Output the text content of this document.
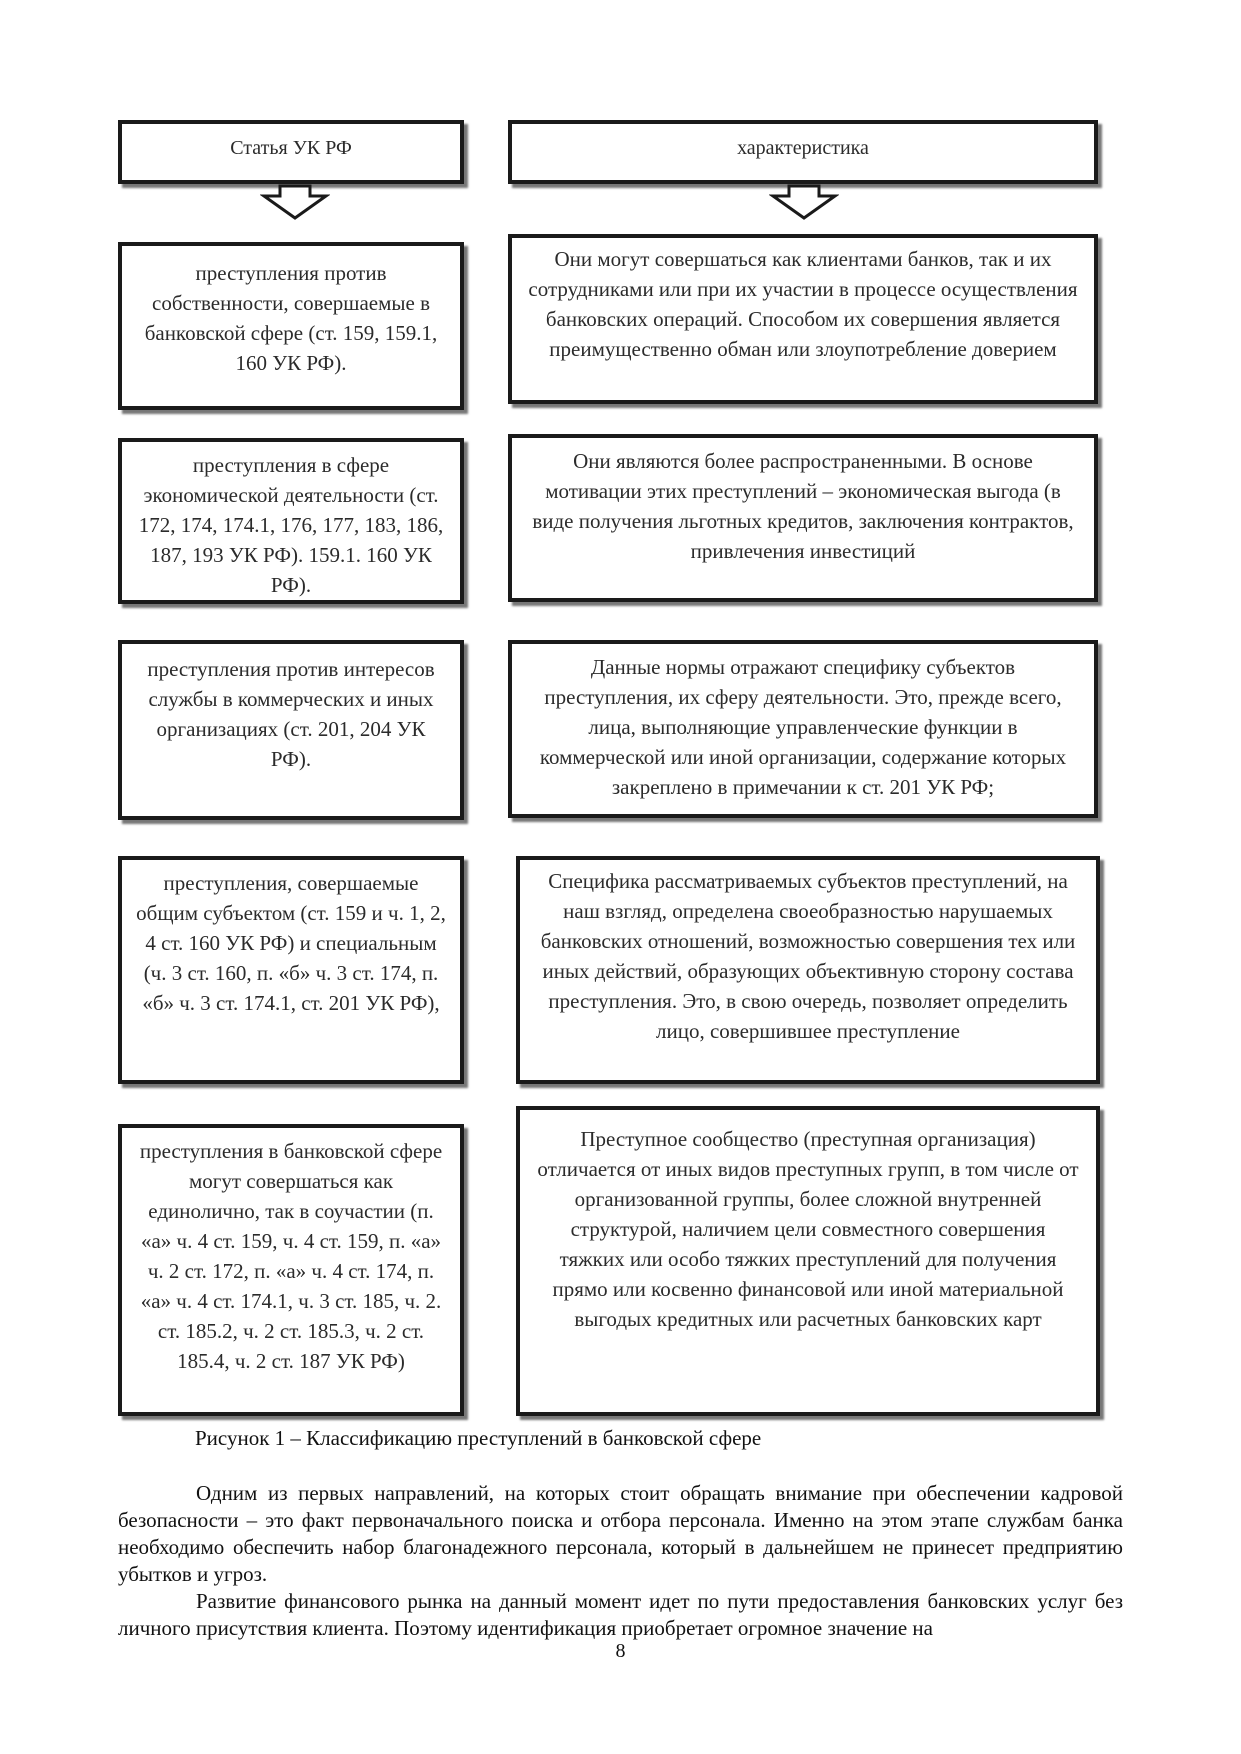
Статья УК РФ	характеристика
преступления против собственности, совершаемые в банковской сфере (ст. 159, 159.1, 160 УК РФ).
Они могут совершаться как клиентами банков, так и их сотрудниками или при их участии в процессе осуществления банковских операций. Способом их совершения является преимущественно обман или злоупотребление доверием
преступления в сфере экономической деятельности (ст. 172, 174, 174.1, 176, 177, 183, 186, 187, 193 УК РФ). 159.1. 160 УК РФ).
Они являются более распространенными. В основе мотивации этих преступлений – экономическая выгода (в виде получения льготных кредитов, заключения контрактов, привлечения инвестиций
преступления против интересов службы в коммерческих и иных организациях (ст. 201, 204 УК РФ).
Данные нормы отражают специфику субъектов преступления, их сферу деятельности. Это, прежде всего, лица, выполняющие управленческие функции в коммерческой или иной организации, содержание которых закреплено в примечании к ст. 201 УК РФ;
преступления, совершаемые общим субъектом (ст. 159 и ч. 1, 2, 4 ст. 160 УК РФ) и специальным (ч. 3 ст. 160, п. «б» ч. 3 ст. 174, п. «б» ч. 3 ст. 174.1, ст. 201 УК РФ),
Специфика рассматриваемых субъектов преступлений, на наш взгляд, определена своеобразностью нарушаемых банковских отношений, возможностью совершения тех или иных действий, образующих объективную сторону состава преступления. Это, в свою очередь, позволяет определить лицо, совершившее преступление
преступления в банковской сфере могут совершаться как единолично, так в соучастии (п. «а» ч. 4 ст. 159, ч. 4 ст. 159, п. «а» ч. 2 ст. 172, п. «а» ч. 4 ст. 174, п. «а» ч. 4 ст. 174.1, ч. 3 ст. 185, ч. 2. ст. 185.2, ч. 2 ст. 185.3, ч. 2 ст. 185.4, ч. 2 ст. 187 УК РФ)
Преступное сообщество (преступная организация) отличается от иных видов преступных групп, в том числе от организованной группы, более сложной внутренней структурой, наличием цели совместного совершения тяжких или особо тяжких преступлений для получения прямо или косвенно финансовой или иной материальной выгодых кредитных или расчетных банковских карт
Рисунок 1 – Классификацию преступлений в банковской сфере

Одним из первых направлений, на которых стоит обращать внимание при обеспечении кадровой безопасности – это факт первоначального поиска и отбора персонала. Именно на этом этапе службам банка необходимо обеспечить набор благонадежного персонала, который в дальнейшем не принесет предприятию убытков и угроз.

Развитие финансового рынка на данный момент идет по пути предоставления банковских услуг без личного присутствия клиента. Поэтому идентификация приобретает огромное значение на

8
